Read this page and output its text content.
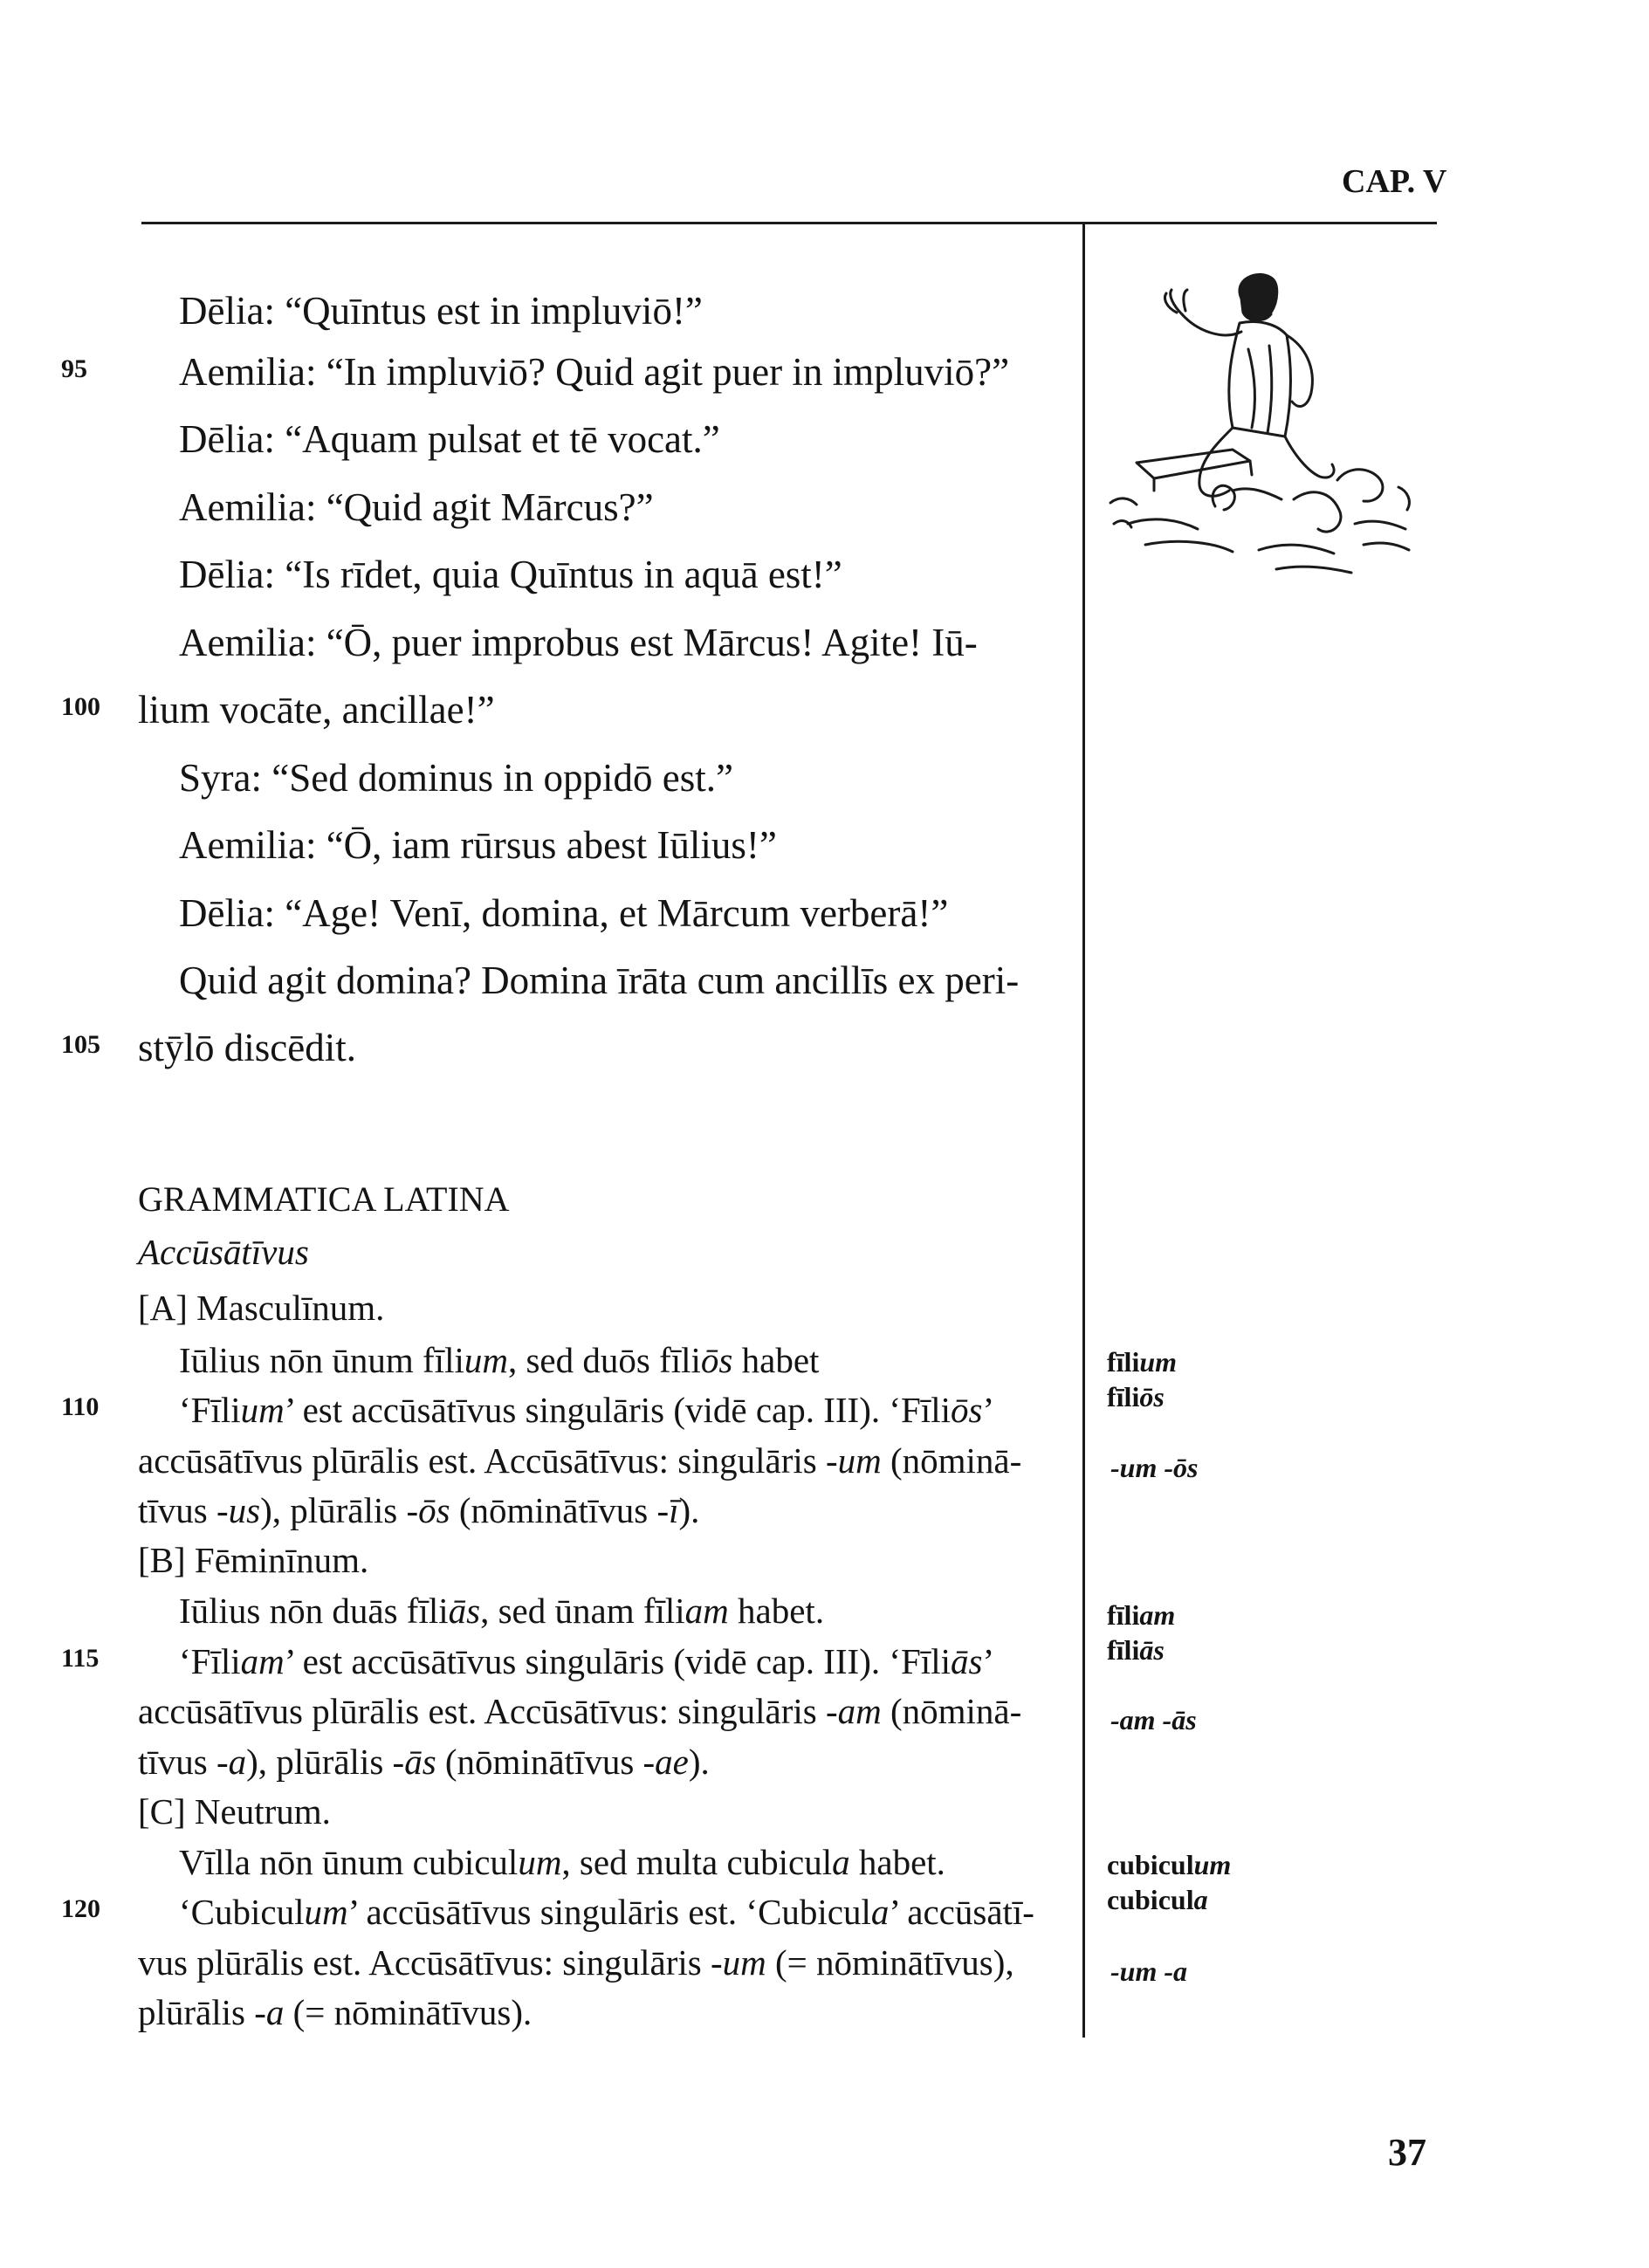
CAP. V
Dēlia: “Quīntus est in impluviō!”
95 Aemilia: “In impluviō? Quid agit puer in impluviō?”
Dēlia: “Aquam pulsat et tē vocat.”
Aemilia: “Quid agit Mārcus?”
Dēlia: “Is rīdet, quia Quīntus in aquā est!”
Aemilia: “Ō, puer improbus est Mārcus! Agite! Iū-
100 lium vocāte, ancillae!”
Syra: “Sed dominus in oppidō est.”
Aemilia: “Ō, iam rūrsus abest Iūlius!”
Dēlia: “Age! Venī, domina, et Mārcum verberā!”
Quid agit domina? Domina īrāta cum ancillīs ex peri-
105 stȳlō discēdit.
GRAMMATICA LATINA
Accūsātīvus
[A] Masculīnum.
Iūlius nōn ūnum fīlium, sed duōs fīliōs habet
110 ‘Fīlium’ est accūsātīvus singulāris (vidē cap. III). ‘Fīliōs’
accūsātīvus plūrālis est. Accūsātīvus: singulāris -um (nōminā-
tīvus -us), plūrālis -ōs (nōminātīvus -ī).
[B] Fēminīnum.
Iūlius nōn duās fīliās, sed ūnam fīliam habet.
115 ‘Fīliam’ est accūsātīvus singulāris (vidē cap. III). ‘Fīliās’
accūsātīvus plūrālis est. Accūsātīvus: singulāris -am (nōminā-
tīvus -a), plūrālis -ās (nōminātīvus -ae).
[C] Neutrum.
Vīlla nōn ūnum cubiculum, sed multa cubicula habet.
120 ‘Cubiculum’ accūsātīvus singulāris est. ‘Cubicula’ accūsātī-
vus plūrālis est. Accūsātīvus: singulāris -um (= nōminātīvus),
plūrālis -a (= nōminātīvus).
fīlium
fīliōs
-um -ōs
fīliam
fīliās
-am -ās
cubiculum
cubicula
-um -a
37
